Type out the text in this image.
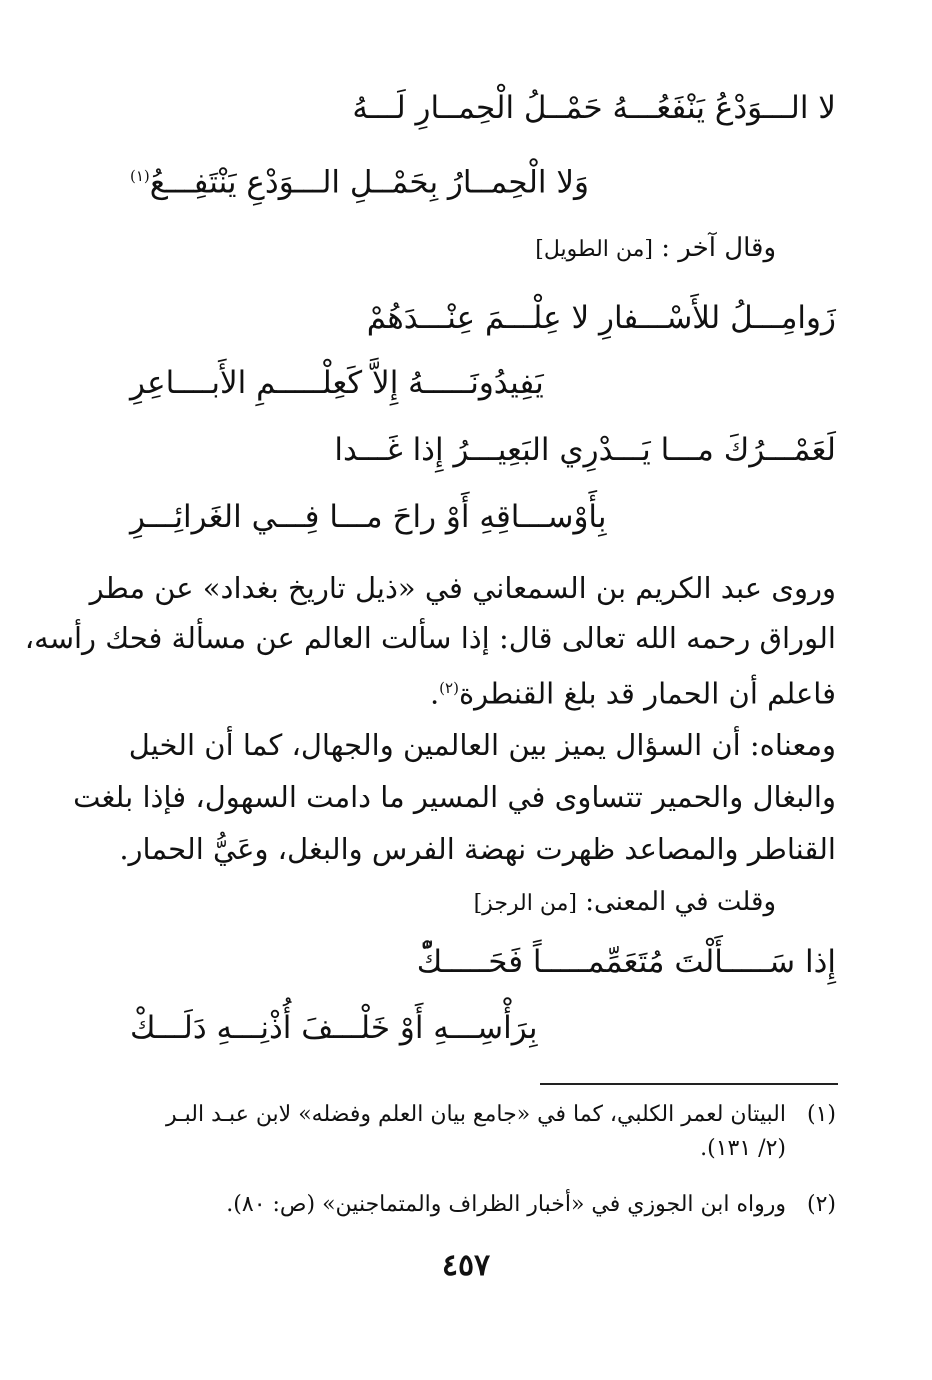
لا الـــوَدْعُ يَنْفَعُـــهُ حَمْــلُ الْحِمــارِ لَـــهُ
وَلا الْحِمــارُ بِحَمْــلِ الـــوَدْعِ يَنْتَفِـــعُ$^{(١)}$
وقال آخر : [من الطويل]
زَوامِـــلُ للأَسْـــفارِ لا عِلْـــمَ عِنْـــدَهُمْ
يَفِيدُونَـــــهُ إِلاَّ كَعِلْـــــمِ الأَبــــاعِرِ
لَعَمْـــرُكَ مـــا يَـــدْرِي البَعِيـــرُ إِذا غَـــدا
بِأَوْســـاقِهِ أَوْ راحَ مـــا فِـــي الغَرائِـــرِ
وروى عبد الكريم بن السمعاني في «ذيل تاريخ بغداد» عن مطر
الوراق رحمه الله تعالى قال: إذا سألت العالم عن مسألة فحك رأسه،
فاعلم أن الحمار قد بلغ القنطرة$^{(٢)}$.
ومعناه: أن السؤال يميز بين العالمين والجهال، كما أن الخيل
والبغال والحمير تتساوى في المسير ما دامت السهول، فإذا بلغت
القناطر والمصاعد ظهرت نهضة الفرس والبغل، وعَيُّ الحمار.
وقلت في المعنى: [من الرجز]
إِذا سَـــــأَلْتَ مُتَعَمِّمـــــاً فَحَـــــكّْ
بِرَأْسِـــهِ أَوْ خَلْـــفَ أُذْنِـــهِ دَلَـــكْ
(١)البيتان لعمر الكلبي، كما في «جامع بيان العلم وفضله» لابن عبـد البـر
(٢/ ١٣١).
(٢)ورواه ابن الجوزي في «أخبار الظراف والمتماجنين» (ص: ٨٠).
٤٥٧
